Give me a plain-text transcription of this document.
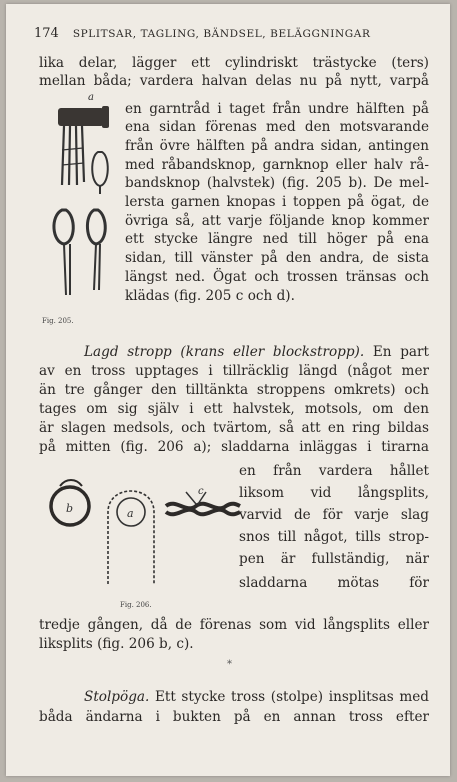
174 SPLITSAR, TAGLING, BÄNDSEL, BELÄGGNINGAR
lika delar, lägger ett cylindriskt trästycke (ters)
mellan båda; vardera halvan delas nu på nytt, varpå
en garntråd i taget från undre hälften på
ena sidan förenas med den motsvarande
från övre hälften på andra sidan, antingen
med råbandsknop, garnknop eller halv rå-
bandsknop (halvstek) (fig. 205 b). De mel-
lersta garnen knopas i toppen på ögat, de
övriga så, att varje följande knop kommer
ett stycke längre ned till höger på ena
sidan, till vänster på den andra, de sista
längst ned. Ögat och trossen tränsas och
klädas (fig. 205 c och d).
a
Fig. 205.
Lagd stropp (krans eller blockstropp). En part
av en tross upptages i tillräcklig längd (något mer
än tre gånger den tilltänkta stroppens omkrets) och
tages om sig själv i ett halvstek, motsols, om den
är slagen medsols, och tvärtom, så att en ring bildas
på mitten (fig. 206 a); sladdarna inläggas i tirarna
en från vardera hållet
liksom vid långsplits,
varvid de för varje slag
snos till något, tills strop-
pen är fullständig, när
sladdarna mötas för
b	a
c
Fig. 206.
tredje gången, då de förenas som vid långsplits eller
liksplits (fig. 206 b, c).
*
Stolpöga. Ett stycke tross (stolpe) insplitsas med
båda ändarna i bukten på en annan tross efter
